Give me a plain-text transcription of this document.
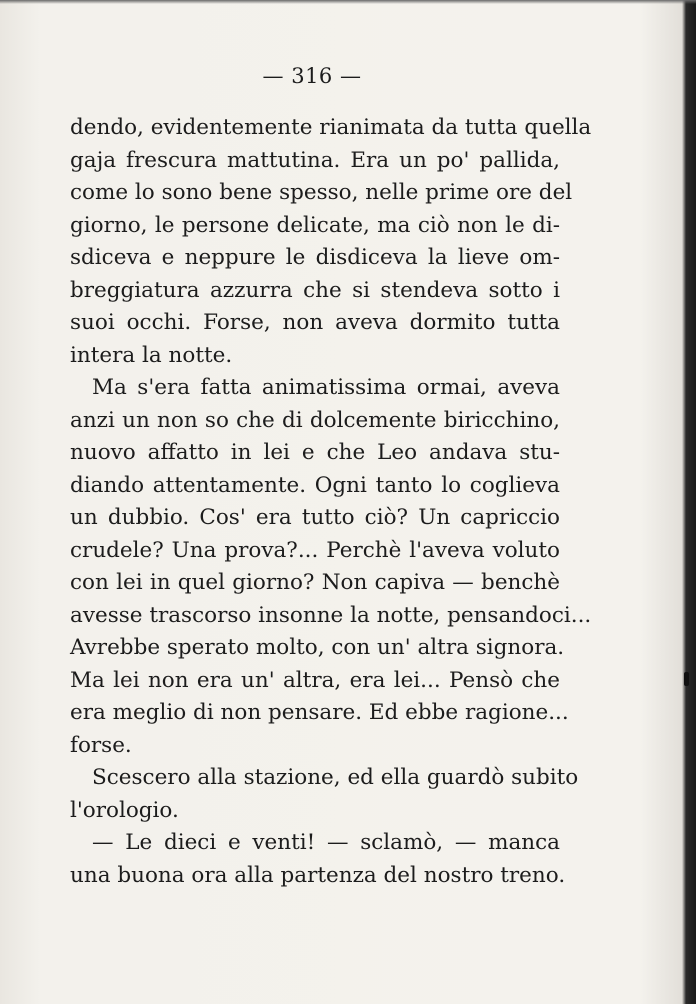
— 316 —
dendo, evidentemente rianimata da tutta quella
gaja frescura mattutina. Era un po' pallida,
come lo sono bene spesso, nelle prime ore del
giorno, le persone delicate, ma ciò non le di-
sdiceva e neppure le disdiceva la lieve om-
breggiatura azzurra che si stendeva sotto i
suoi occhi. Forse, non aveva dormito tutta
intera la notte.
Ma s'era fatta animatissima ormai, aveva
anzi un non so che di dolcemente biricchino,
nuovo affatto in lei e che Leo andava stu-
diando attentamente. Ogni tanto lo coglieva
un dubbio. Cos' era tutto ciò? Un capriccio
crudele? Una prova?... Perchè l'aveva voluto
con lei in quel giorno? Non capiva — benchè
avesse trascorso insonne la notte, pensandoci...
Avrebbe sperato molto, con un' altra signora.
Ma lei non era un' altra, era lei... Pensò che
era meglio di non pensare. Ed ebbe ragione...
forse.
Scescero alla stazione, ed ella guardò subito
l'orologio.
— Le dieci e venti! — sclamò, — manca
una buona ora alla partenza del nostro treno.
